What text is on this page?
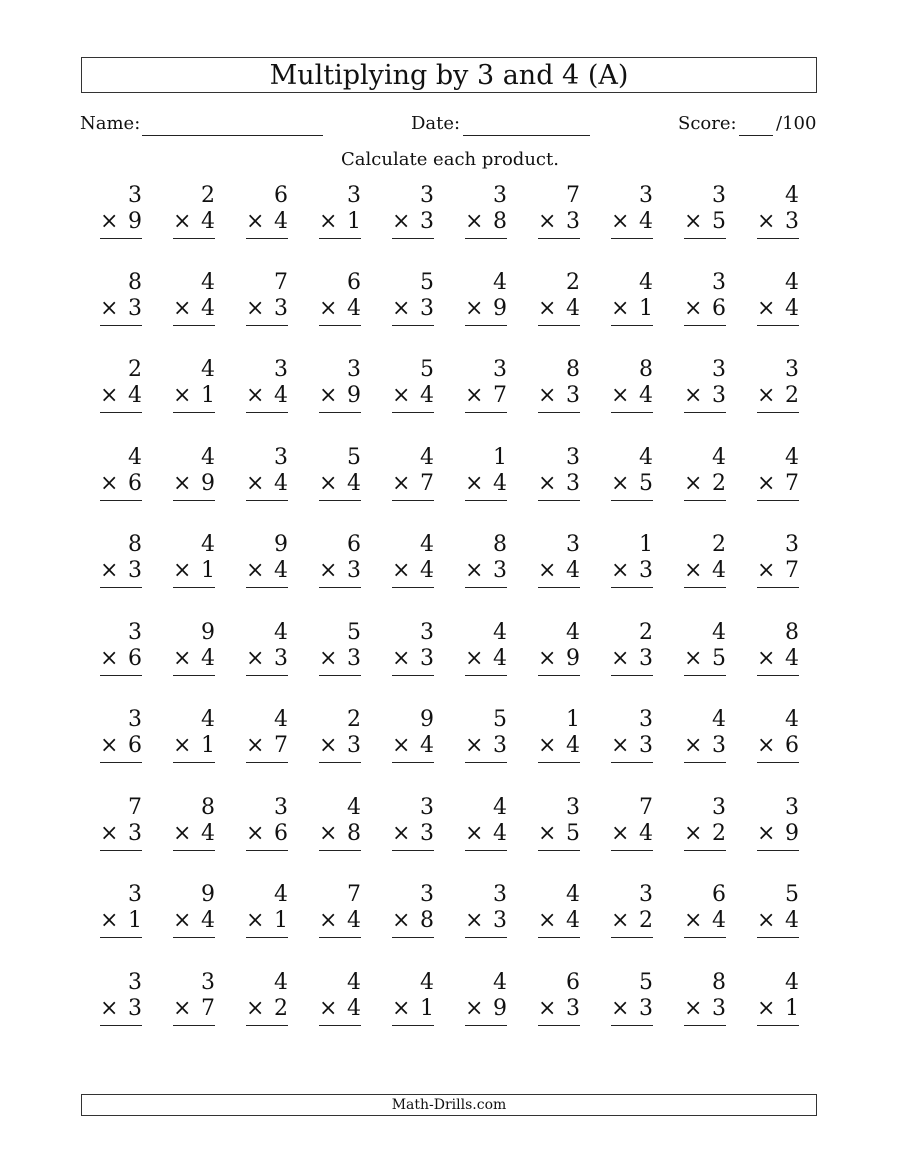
Multiplying by 3 and 4 (A)
Name:	Date:	Score: /100
Calculate each product.
3
× 9
2
× 4
6
× 4
3
× 1
3
× 3
3
× 8
7
× 3
3
× 4
3
× 5
4
× 3
8
× 3
4
× 4
7
× 3
6
× 4
5
× 3
4
× 9
2
× 4
4
× 1
3
× 6
4
× 4
2
× 4
4
× 1
3
× 4
3
× 9
5
× 4
3
× 7
8
× 3
8
× 4
3
× 3
3
× 2
4
× 6
4
× 9
3
× 4
5
× 4
4
× 7
1
× 4
3
× 3
4
× 5
4
× 2
4
× 7
8
× 3
4
× 1
9
× 4
6
× 3
4
× 4
8
× 3
3
× 4
1
× 3
2
× 4
3
× 7
3
× 6
9
× 4
4
× 3
5
× 3
3
× 3
4
× 4
4
× 9
2
× 3
4
× 5
8
× 4
3
× 6
4
× 1
4
× 7
2
× 3
9
× 4
5
× 3
1
× 4
3
× 3
4
× 3
4
× 6
7
× 3
8
× 4
3
× 6
4
× 8
3
× 3
4
× 4
3
× 5
7
× 4
3
× 2
3
× 9
3
× 1
9
× 4
4
× 1
7
× 4
3
× 8
3
× 3
4
× 4
3
× 2
6
× 4
5
× 4
3
× 3
3
× 7
4
× 2
4
× 4
4
× 1
4
× 9
6
× 3
5
× 3
8
× 3
4
× 1
Math-Drills.com
